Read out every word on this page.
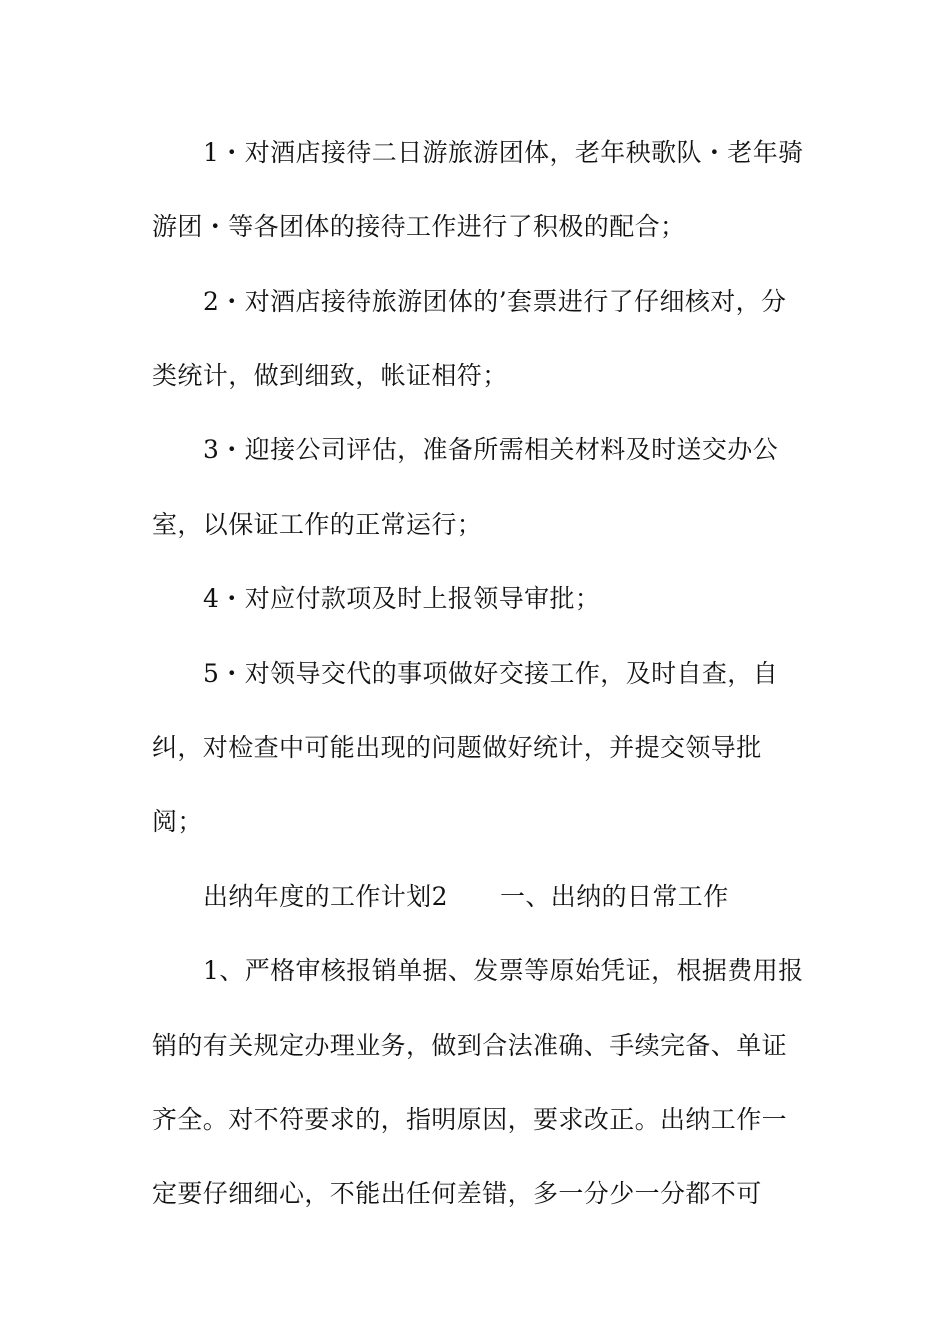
1・对酒店接待二日游旅游团体，老年秧歌队・老年骑
游团・等各团体的接待工作进行了积极的配合；
2・对酒店接待旅游团体的’套票进行了仔细核对，分
类统计，做到细致，帐证相符；
3・迎接公司评估，准备所需相关材料及时送交办公
室，以保证工作的正常运行；
4・对应付款项及时上报领导审批；
5・对领导交代的事项做好交接工作，及时自查，自
纠，对检查中可能出现的问题做好统计，并提交领导批
阅；
出纳年度的工作计划2 一、出纳的日常工作
1、严格审核报销单据、发票等原始凭证，根据费用报
销的有关规定办理业务，做到合法准确、手续完备、单证
齐全。对不符要求的，指明原因，要求改正。出纳工作一
定要仔细细心，不能出任何差错，多一分少一分都不可
